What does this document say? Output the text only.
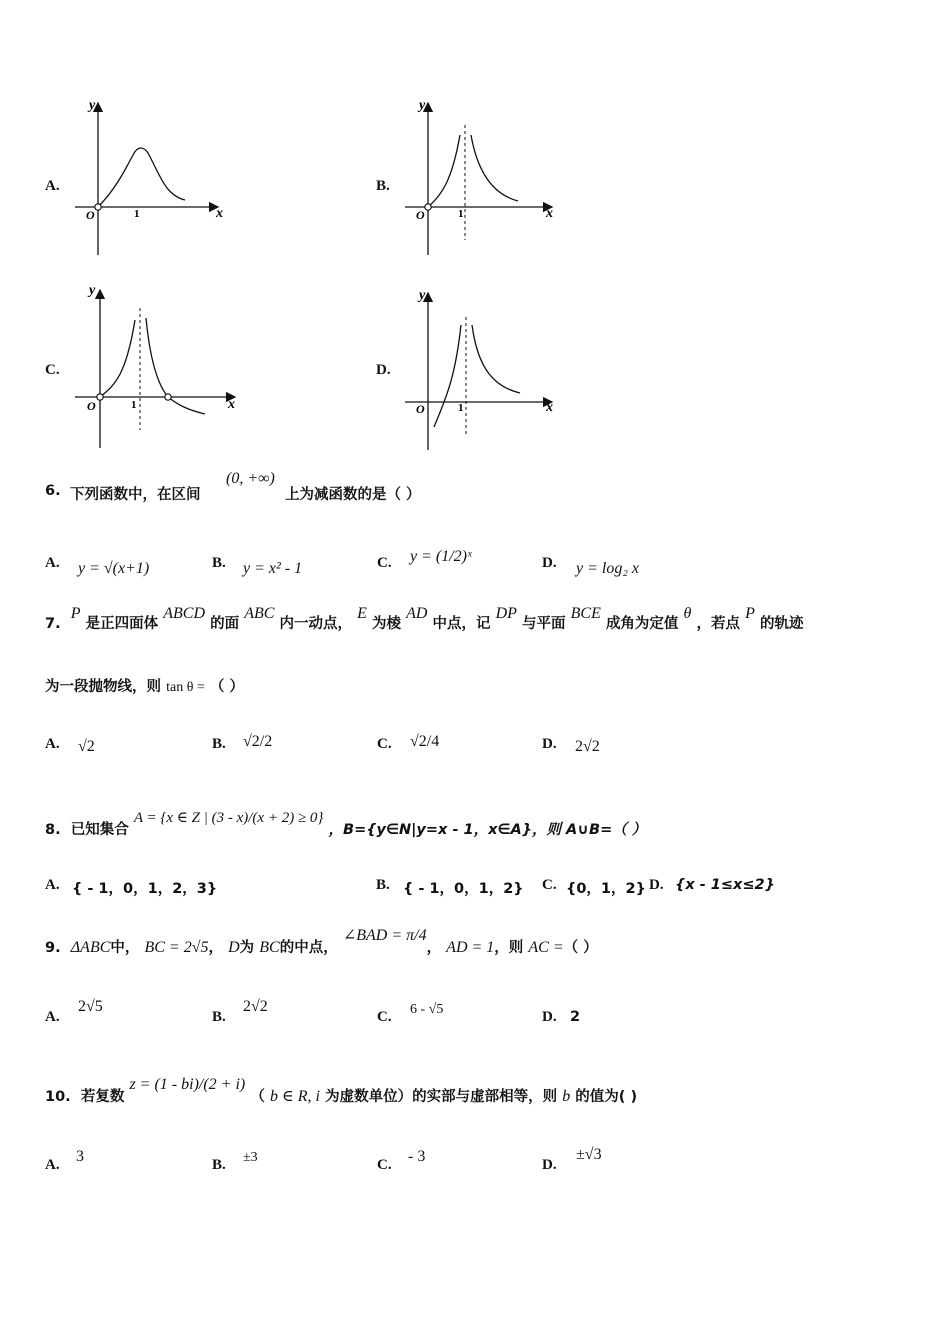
A.
y
x
O	1
B.
y
x
O	1
C.
y
x
O	1
D.
y
x
O	1
6. 下列函数中，在区间
(0, +∞)
上为减函数的是（ ）
A. y = √(x+1)	B. y = x² - 1	C. y = (1/2)ˣ	D. y = log₂ x
7.  P 是正四面体 ABCD 的面 ABC 内一动点， E 为棱 AD 中点，记 DP 与平面 BCE 成角为定值 θ ，若点 P 的轨迹
为一段抛物线，则 tan θ = （ ）
A. √2	B. √2/2	C. √2/4	D. 2√2
8. 已知集合 A = {x ∈ Z | (3 - x)/(x + 2) ≥ 0} ，B={y∈N|y=x - 1，x∈A}，则 A∪B=（ ）
A. { - 1，0，1，2，3}	B. { - 1，0，1，2} C. {0，1，2} D. {x - 1≤x≤2}
9. ΔABC中， BC = 2√5， D为 BC的中点， ∠BAD = π/4， AD = 1，则 AC =（ ）
A.
2√5
B.
2√2
C. 6 - √5	D. 2
10. 若复数 z = (1 - bi)/(2 + i) （ b ∈ R, i 为虚数单位）的实部与虚部相等，则 b 的值为( )
A. 3	B. ±3	C. - 3	D.
±√3
